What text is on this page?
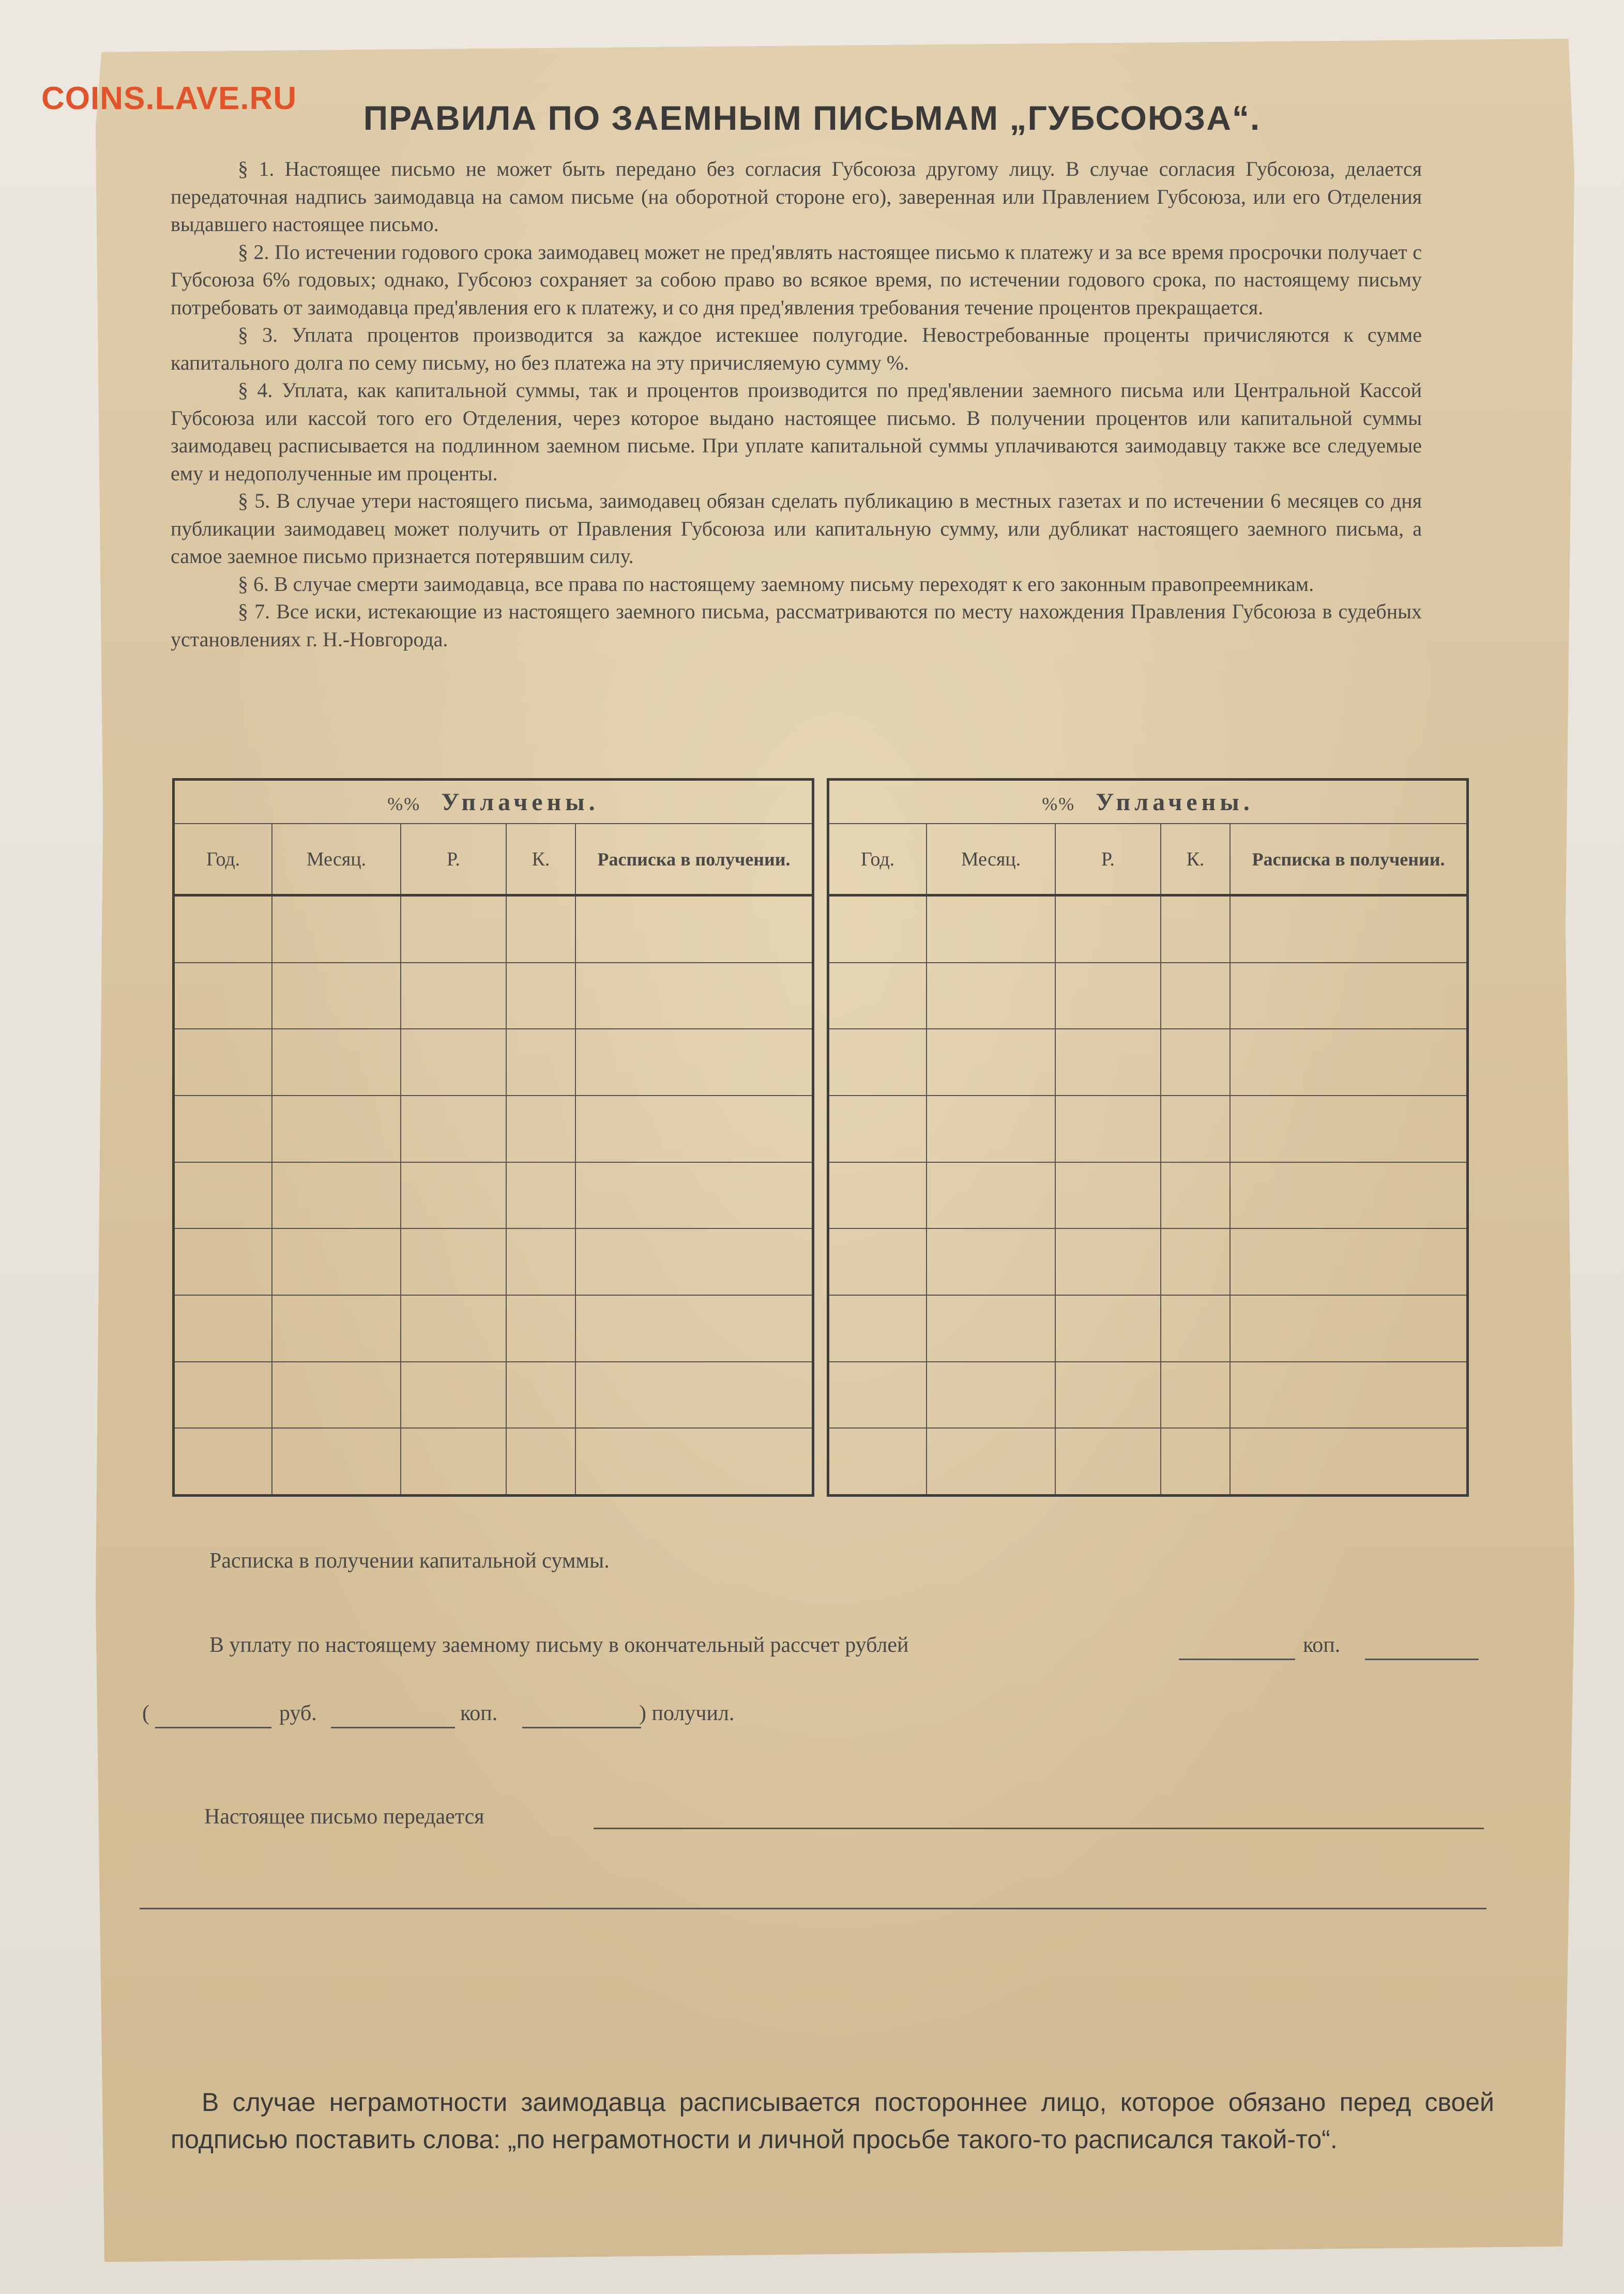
COINS.LAVE.RU
ПРАВИЛА ПО ЗАЕМНЫМ ПИСЬМАМ „ГУБСОЮЗА“.

§ 1. Настоящее письмо не может быть передано без согласия Губсоюза другому лицу. В случае согласия Губсоюза, делается передаточная надпись заимодавца на самом письме (на оборотной стороне его), заверенная или Правлением Губсоюза, или его Отделения выдавшего настоящее письмо.

§ 2. По истечении годового срока заимодавец может не пред'являть настоящее письмо к платежу и за все время просрочки получает с Губсоюза 6% годовых; однако, Губсоюз сохраняет за собою право во всякое время, по истечении годового срока, по настоящему письму потребовать от заимодавца пред'явления его к платежу, и со дня пред'явления требования течение процентов прекращается.

§ 3. Уплата процентов производится за каждое истекшее полугодие. Невостребованные проценты причисляются к сумме капитального долга по сему письму, но без платежа на эту причисляемую сумму %.

§ 4. Уплата, как капитальной суммы, так и процентов производится по пред'явлении заемного письма или Центральной Кассой Губсоюза или кассой того его Отделения, через которое выдано настоящее письмо. В получении процентов или капитальной суммы заимодавец расписывается на подлинном заемном письме. При уплате капитальной суммы уплачиваются заимодавцу также все следуемые ему и недополученные им проценты.

§ 5. В случае утери настоящего письма, заимодавец обязан сделать публикацию в местных газетах и по истечении 6 месяцев со дня публикации заимодавец может получить от Правления Губсоюза или капитальную сумму, или дубликат настоящего заемного письма, а самое заемное письмо признается потерявшим силу.

§ 6. В случае смерти заимодавца, все права по настоящему заемному письму переходят к его законным правопреемникам.

§ 7. Все иски, истекающие из настоящего заемного письма, рассматриваются по месту нахождения Правления Губсоюза в судебных установлениях г. Н.-Новгорода.

%% Уплачены.				
Год.	Месяц.	Р.	К.	Расписка в получении.

%% Уплачены.				
Год.	Месяц.	Р.	К.	Расписка в получении.

Расписка в получении капитальной суммы.
В уплату по настоящему заемному письму в окончательный рассчет рублей	коп.
(	руб.	коп.	) получил.
Настоящее письмо передается

В случае неграмотности заимодавца расписывается постороннее лицо, которое обязано перед своей подписью поставить слова: „по неграмотности и личной просьбе такого-то расписался такой-то“.
